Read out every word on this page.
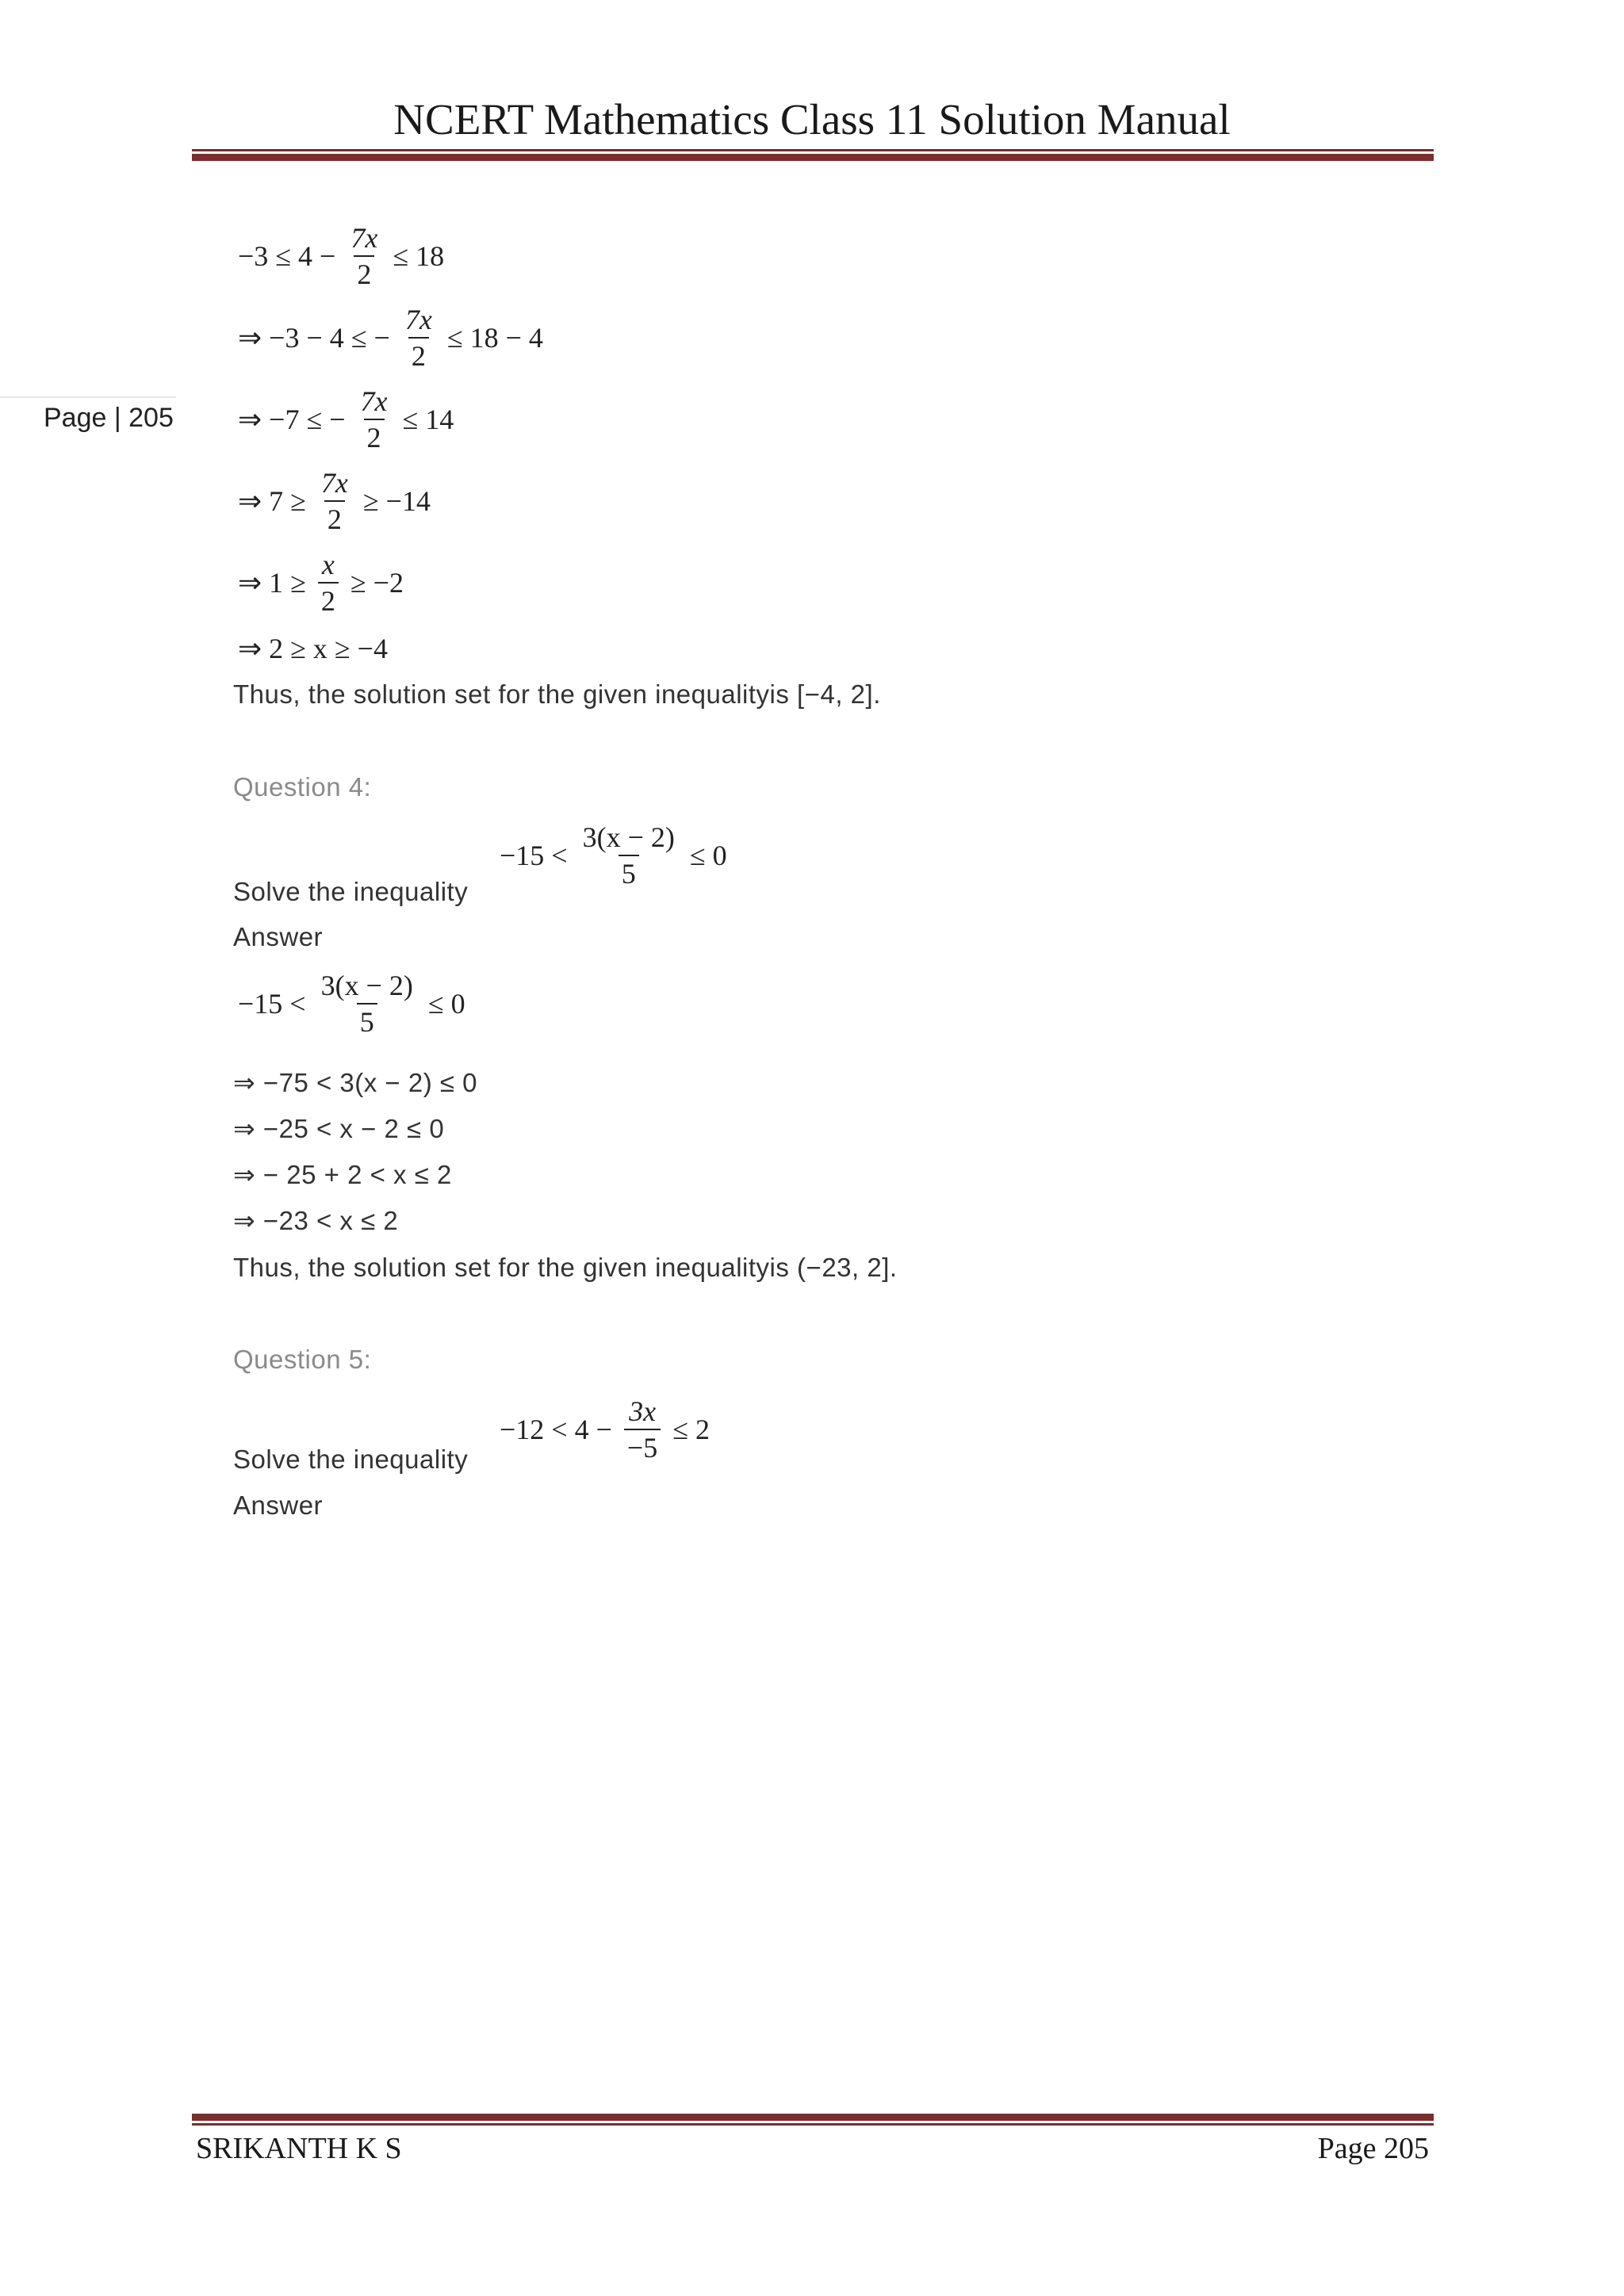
NCERT Mathematics Class 11 Solution Manual
Page | 205
$-3 \le 4 - \frac{7x}{2} \le 18$
⇒ −3 − 4 ≤ − $\frac{7x}{2} \le 18 - 4$
⇒ −7 ≤ − $\frac{7x}{2} \le 14$
⇒ $7 \ge \frac{7x}{2} \ge -14$
⇒ $1 \ge \frac{x}{2} \ge -2$
⇒ 2 ≥ x ≥ −4
Thus, the solution set for the given inequalityis [−4, 2].
Question 4:
Solve the inequality
$-15 < \frac{3(x - 2)}{5} \le 0$
Answer
$-15 < \frac{3(x - 2)}{5} \le 0$
⇒ −75 < 3(x − 2) ≤ 0
⇒ −25 < x − 2 ≤ 0
⇒ − 25 + 2 < x ≤ 2
⇒ −23 < x ≤ 2
Thus, the solution set for the given inequalityis (−23, 2].
Question 5:
Solve the inequality
$-12 < 4 - \frac{3x}{-5} \le 2$
Answer
SRIKANTH K S	Page 205
